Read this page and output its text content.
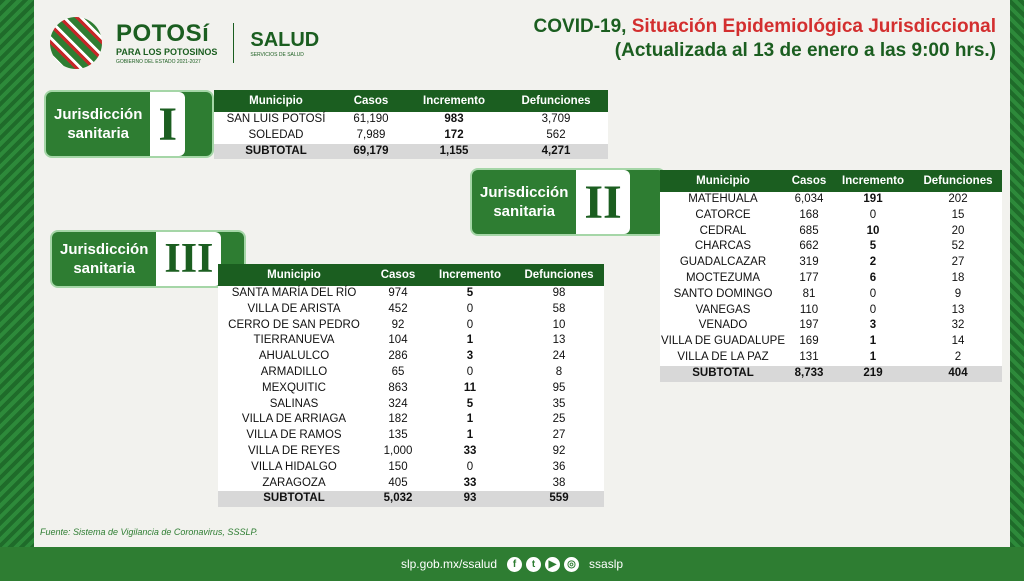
POTOSí
PARA LOS POTOSINOS
GOBIERNO DEL ESTADO 2021-2027
SALUD
SERVICIOS DE SALUD
COVID-19, Situación Epidemiológica Jurisdiccional
(Actualizada al 13 de enero a las 9:00 hrs.)
Jurisdicción
sanitaria I	Municipio	Casos	Incremento	Defunciones
SAN LUIS POTOSÍ	61,190	983	3,709
SOLEDAD	7,989	172	562
SUBTOTAL	69,179	1,155	4,271
Jurisdicción
sanitaria II	Municipio	Casos	Incremento	Defunciones
MATEHUALA	6,034	191	202
CATORCE	168	0	15
CEDRAL	685	10	20
CHARCAS	662	5	52
GUADALCAZAR	319	2	27
MOCTEZUMA	177	6	18
SANTO DOMINGO	81	0	9
VANEGAS	110	0	13
VENADO	197	3	32
VILLA DE GUADALUPE	169	1	14
VILLA DE LA PAZ	131	1	2
SUBTOTAL	8,733	219	404
Jurisdicción
sanitaria III	Municipio	Casos	Incremento	Defunciones
SANTA MARÍA DEL RÍO	974	5	98
VILLA DE ARISTA	452	0	58
CERRO DE SAN PEDRO	92	0	10
TIERRANUEVA	104	1	13
AHUALULCO	286	3	24
ARMADILLO	65	0	8
MEXQUITIC	863	11	95
SALINAS	324	5	35
VILLA DE ARRIAGA	182	1	25
VILLA DE RAMOS	135	1	27
VILLA DE REYES	1,000	33	92
VILLA HIDALGO	150	0	36
ZARAGOZA	405	33	38
SUBTOTAL	5,032	93	559
Fuente: Sistema de Vigilancia de Coronavirus, SSSLP.
slp.gob.mx/ssalud	f	t	▶	◎ ssaslp
